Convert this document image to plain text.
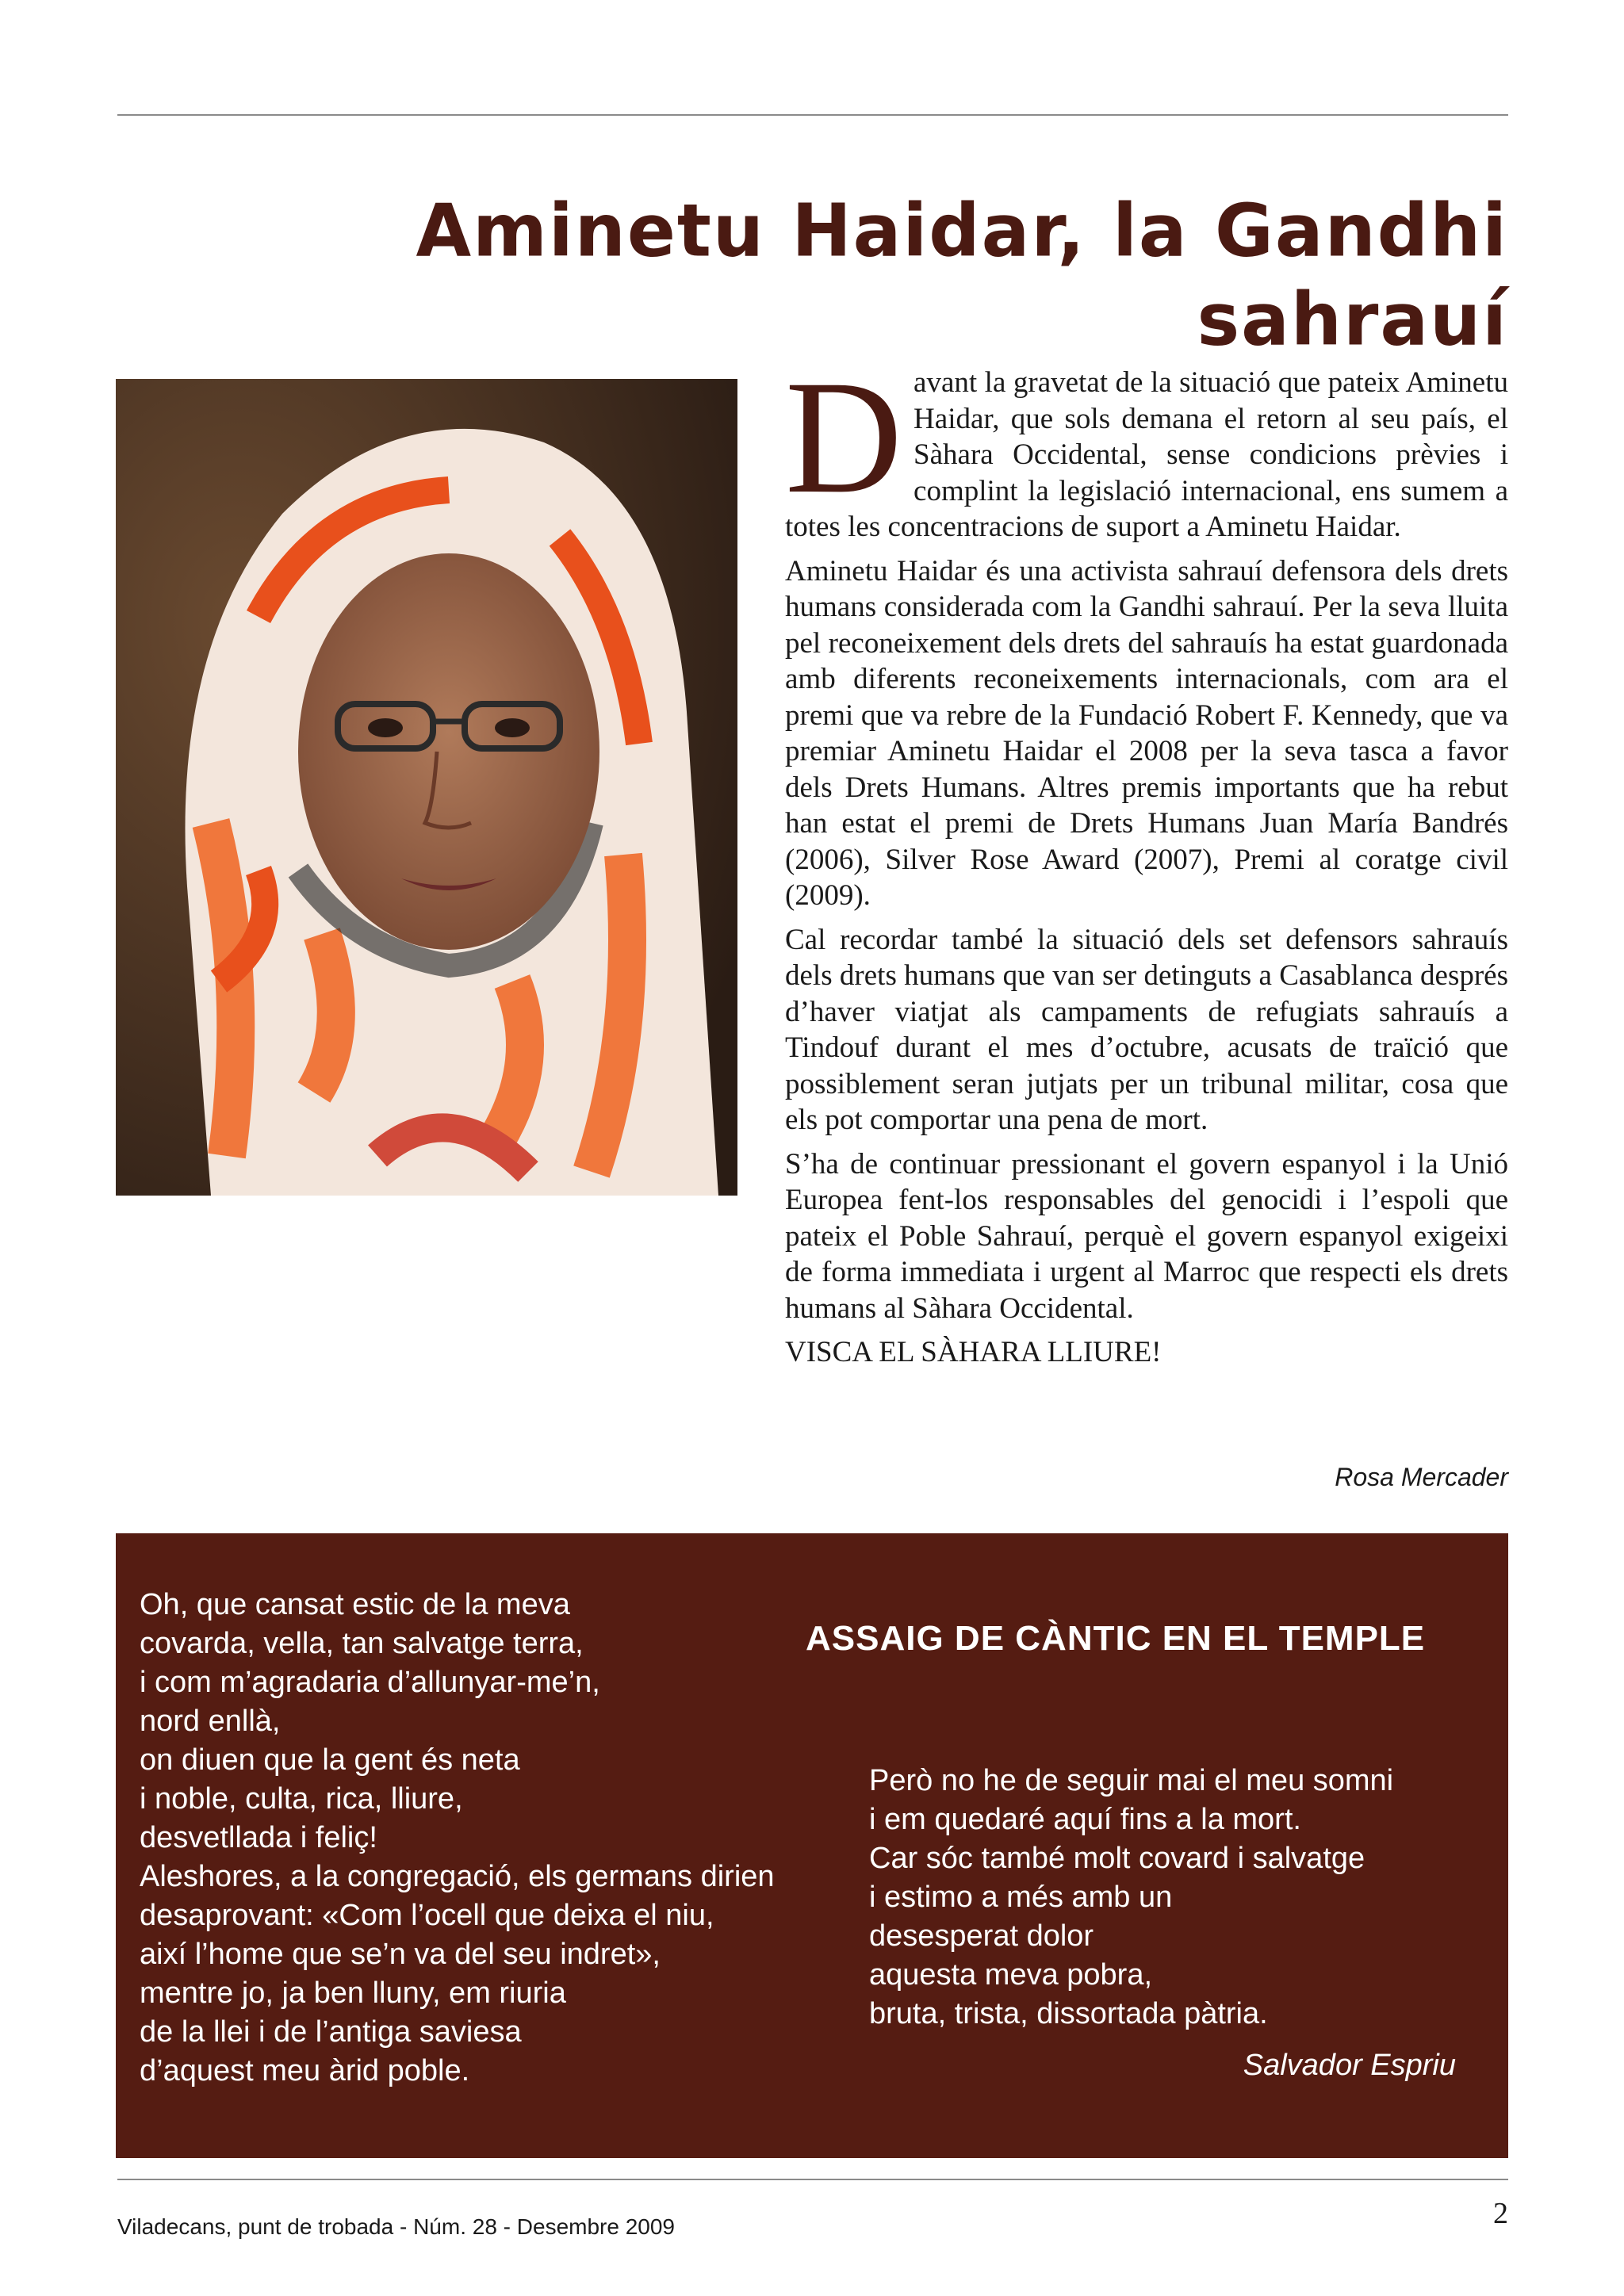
Aminetu Haidar, la Gandhi sahrauí

Davant la gravetat de la situació que pateix Aminetu Haidar, que sols demana el retorn al seu país, el Sàhara Occidental, sense condicions prèvies i complint la legislació internacional, ens sumem a totes les concentracions de suport a Aminetu Haidar.

Aminetu Haidar és una activista sahrauí defensora dels drets humans considerada com la Gandhi sahrauí. Per la seva lluita pel reconeixement dels drets del sahrauís ha estat guardonada amb diferents reconeixements internacionals, com ara el premi que va rebre de la Fundació Robert F. Kennedy, que va premiar Aminetu Haidar el 2008 per la seva tasca a favor dels Drets Humans. Altres premis importants que ha rebut han estat el premi de Drets Humans Juan María Bandrés (2006), Silver Rose Award (2007), Premi al coratge civil (2009).

Cal recordar també la situació dels set defensors sahrauís dels drets humans que van ser detinguts a Casablanca després d’haver viatjat als campaments de refugiats sahrauís a Tindouf durant el mes d’octubre, acusats de traïció que possiblement seran jutjats per un tribunal militar, cosa que els pot comportar una pena de mort.

S’ha de continuar pressionant el govern espanyol i la Unió Europea fent-los responsables del genocidi i l’espoli que pateix el Poble Sahrauí, perquè el govern espanyol exigeixi de forma immediata i urgent al Marroc que respecti els drets humans al Sàhara Occidental.

VISCA EL SÀHARA LLIURE!

Rosa Mercader
Oh, que cansat estic de la meva
covarda, vella, tan salvatge terra,
i com m’agradaria d’allunyar-me’n,
nord enllà,
on diuen que la gent és neta
i noble, culta, rica, lliure,
desvetllada i feliç!
Aleshores, a la congregació, els germans dirien
desaprovant: «Com l’ocell que deixa el niu,
així l’home que se’n va del seu indret»,
mentre jo, ja ben lluny, em riuria
de la llei i de l’antiga saviesa
d’aquest meu àrid poble.
ASSAIG DE CÀNTIC EN EL TEMPLE
Però no he de seguir mai el meu somni
i em quedaré aquí fins a la mort.
Car sóc també molt covard i salvatge
i estimo a més amb un
desesperat dolor
aquesta meva pobra,
bruta, trista, dissortada pàtria.
Salvador Espriu
Viladecans, punt de trobada - Núm. 28 - Desembre 2009	2
